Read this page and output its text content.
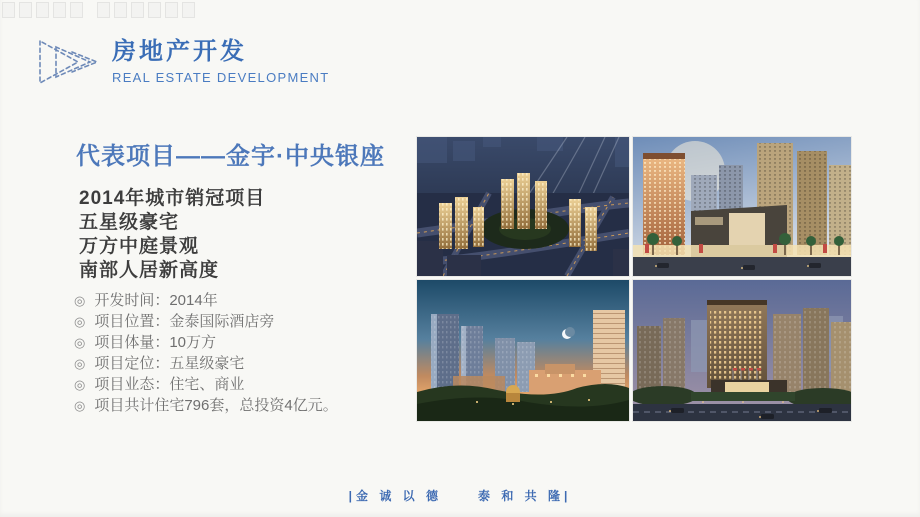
房地产开发
REAL ESTATE DEVELOPMENT
代表项目——金宇·中央银座
2014年城市销冠项目
五星级豪宅
万方中庭景观
南部人居新高度
◎ 开发时间：2014年
◎ 项目位置：金泰国际酒店旁
◎ 项目体量：10万方
◎ 项目定位：五星级豪宅
◎ 项目业态：住宅、商业
◎ 项目共计住宅796套，总投资4亿元。
|金 诚 以 德	泰 和 共 隆|
